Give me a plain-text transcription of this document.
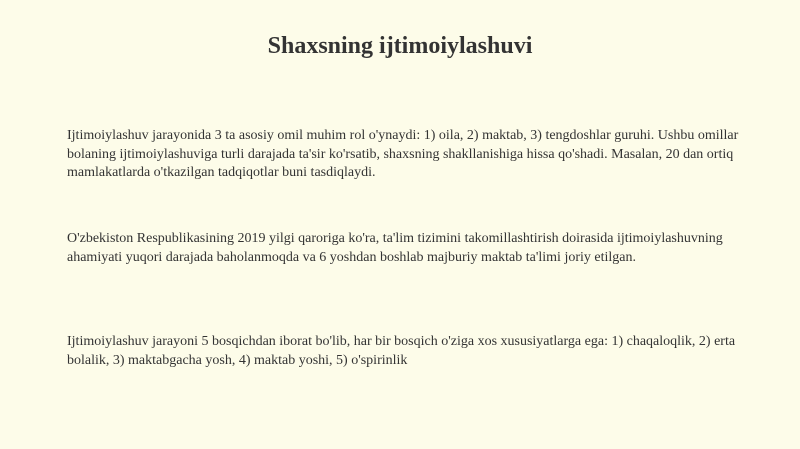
Shaxsning ijtimoiylashuvi

Ijtimoiylashuv jarayonida 3 ta asosiy omil muhim rol o'ynaydi: 1) oila, 2) maktab, 3) tengdoshlar guruhi. Ushbu omillar bolaning ijtimoiylashuviga turli darajada ta'sir ko'rsatib, shaxsning shakllanishiga hissa qo'shadi. Masalan, 20 dan ortiq mamlakatlarda o'tkazilgan tadqiqotlar buni tasdiqlaydi.

O'zbekiston Respublikasining 2019 yilgi qaroriga ko'ra, ta'lim tizimini takomillashtirish doirasida ijtimoiylashuvning ahamiyati yuqori darajada baholanmoqda va 6 yoshdan boshlab majburiy maktab ta'limi joriy etilgan.

Ijtimoiylashuv jarayoni 5 bosqichdan iborat bo'lib, har bir bosqich o'ziga xos xususiyatlarga ega: 1) chaqaloqlik, 2) erta bolalik, 3) maktabgacha yosh, 4) maktab yoshi, 5) o'spirinlik
